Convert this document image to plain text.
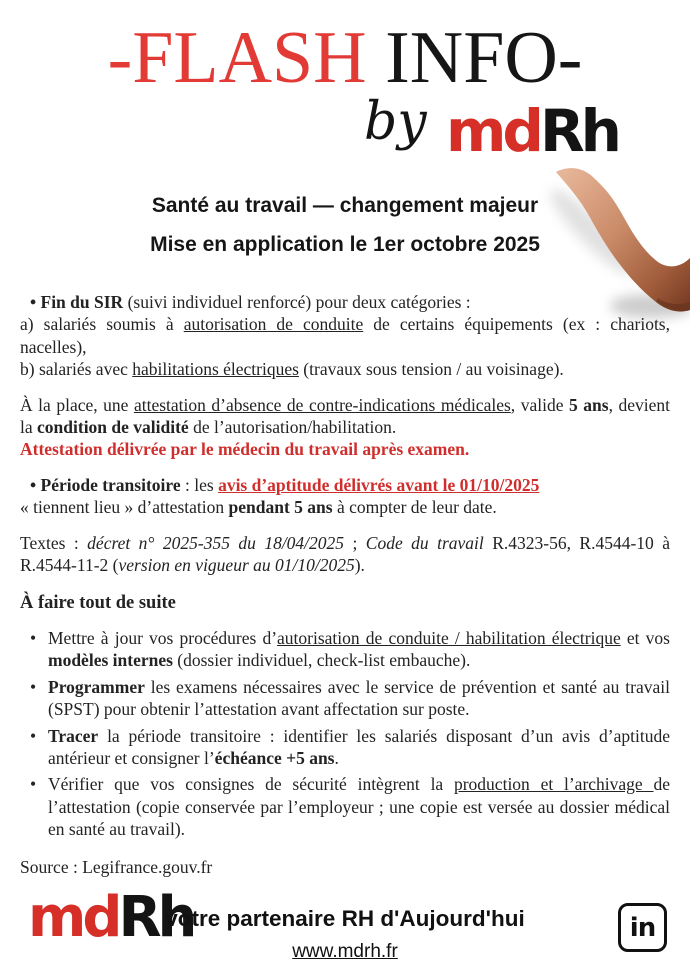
-FLASH INFO-
by mdRh
Santé au travail — changement majeur
Mise en application le 1er octobre 2025
• Fin du SIR (suivi individuel renforcé) pour deux catégories :
a) salariés soumis à autorisation de conduite de certains équipements (ex : chariots, nacelles),
b) salariés avec habilitations électriques (travaux sous tension / au voisinage).
À la place, une attestation d’absence de contre-indications médicales, valide 5 ans, devient la condition de validité de l’autorisation/habilitation.
Attestation délivrée par le médecin du travail après examen.
• Période transitoire : les avis d’aptitude délivrés avant le 01/10/2025
« tiennent lieu » d’attestation pendant 5 ans à compter de leur date.
Textes : décret n° 2025-355 du 18/04/2025 ; Code du travail R.4323-56, R.4544-10 à R.4544-11-2 (version en vigueur au 01/10/2025).
À faire tout de suite
• Mettre à jour vos procédures d’autorisation de conduite / habilitation électrique et vos modèles internes (dossier individuel, check-list embauche).
• Programmer les examens nécessaires avec le service de prévention et santé au travail (SPST) pour obtenir l’attestation avant affectation sur poste.
• Tracer la période transitoire : identifier les salariés disposant d’un avis d’aptitude antérieur et consigner l’échéance +5 ans.
• Vérifier que vos consignes de sécurité intègrent la production et l’archivage de l’attestation (copie conservée par l’employeur ; une copie est versée au dossier médical en santé au travail).
Source : Legifrance.gouv.fr
mdRh
votre partenaire RH d'Aujourd'hui
www.mdrh.fr
in
